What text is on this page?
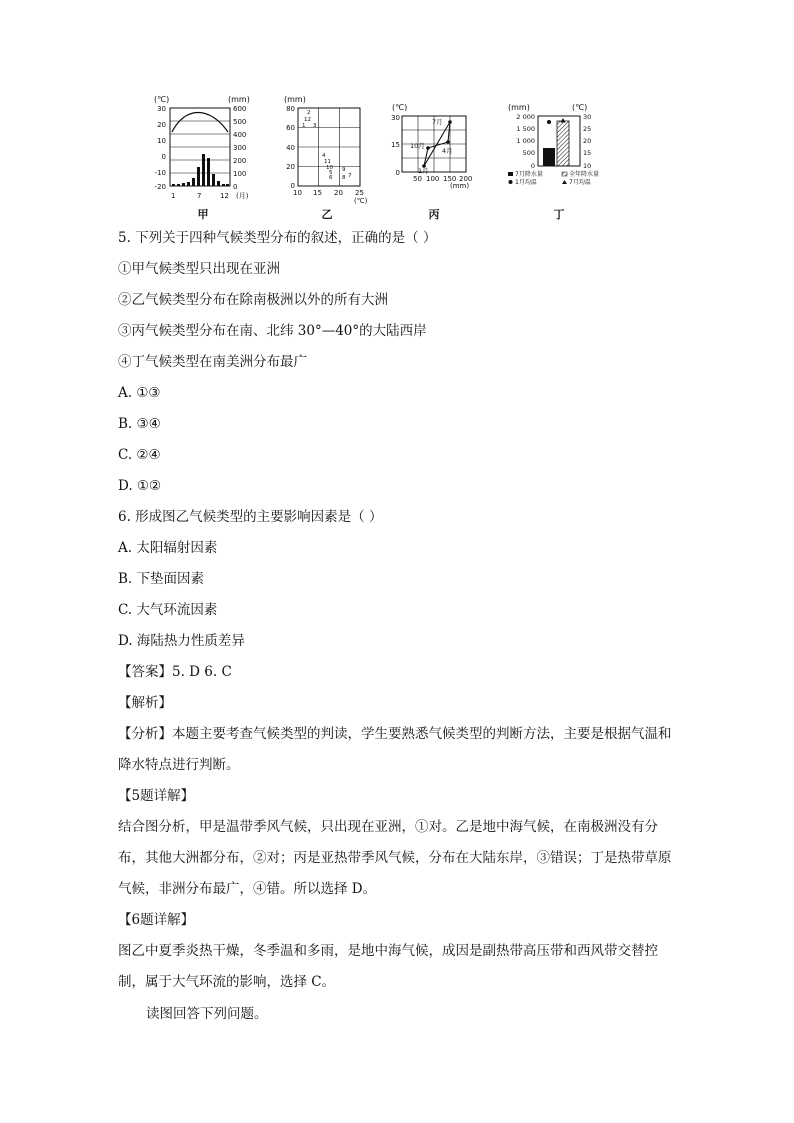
(℃)	(mm)
30
20
10
0
-10
-20
600
500
400
300
200
100
0
1	7	12 (月)
甲
(mm)
2
12
1 3
4
11
10
5
6
9
7
8
80
60
40
20
0
10 15 20 25
(℃)
乙
(℃)
7月
10月
4月
1月
30
15
0
50 100 150 200
(mm)
丙
(mm)	(℃)
2 000
1 500
1 000
500
0
30
25
20
15
10
7月降水量	全年降水量
1月均温	7月均温
丁
5. 下列关于四种气候类型分布的叙述，正确的是（ ）
①甲气候类型只出现在亚洲
②乙气候类型分布在除南极洲以外的所有大洲
③丙气候类型分布在南、北纬 30°—40°的大陆西岸
④丁气候类型在南美洲分布最广
A. ①③
B. ③④
C. ②④
D. ①②
6. 形成图乙气候类型的主要影响因素是（ ）
A. 太阳辐射因素
B. 下垫面因素
C. 大气环流因素
D. 海陆热力性质差异
【答案】5. D 6. C
【解析】
【分析】本题主要考查气候类型的判读，学生要熟悉气候类型的判断方法，主要是根据气温和降水特点进行判断。
【5题详解】
结合图分析，甲是温带季风气候，只出现在亚洲，①对。乙是地中海气候，在南极洲没有分布，其他大洲都分布，②对；丙是亚热带季风气候，分布在大陆东岸，③错误；丁是热带草原气候，非洲分布最广，④错。所以选择 D。
【6题详解】
图乙中夏季炎热干燥，冬季温和多雨，是地中海气候，成因是副热带高压带和西风带交替控制，属于大气环流的影响，选择 C。
读图回答下列问题。
